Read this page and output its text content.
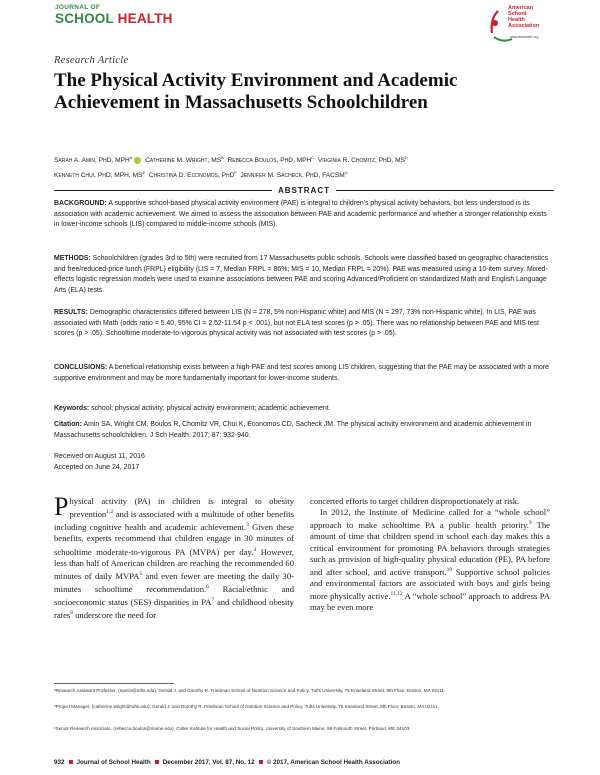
JOURNAL OF
SCHOOL HEALTH
American
School
Health
Association
www.ashaweb.org
Research Article
The Physical Activity Environment and Academic Achievement in Massachusetts Schoolchildren
Sarah A. Amin, PhD, MPH$^a$ Catherine M. Wright, $MS^b$ Rebecca Boulos, PhD, MPH$^c$ Virginia R. Chomitz, PhD, $MS^d$
Kenneth Chui, PhD, MPH, $MS^e$ Christina D. Economos, PhD$^f$ Jennifer M. Sacheck, PhD, FACSM$^g$
ABSTRACT
BACKGROUND: A supportive school-based physical activity environment (PAE) is integral to children's physical activity behaviors, but less understood is its association with academic achievement. We aimed to assess the association between PAE and academic performance and whether a stronger relationship exists in lower-income schools (LIS) compared to middle-income schools (MIS).
METHODS: Schoolchildren (grades 3rd to 5th) were recruited from 17 Massachusetts public schools. Schools were classified based on geographic characteristics and free/reduced-price lunch (FRPL) eligibility (LIS = 7, Median FRPL = 86%; MIS = 10, Median FRPL = 20%). PAE was measured using a 10-item survey. Mixed-effects logistic regression models were used to examine associations between PAE and scoring Advanced/Proficient on standardized Math and English Language Arts (ELA) tests.
RESULTS: Demographic characteristics differed between LIS (N = 278, 5% non-Hispanic white) and MIS (N = 297, 73% non-Hispanic white). In LIS, PAE was associated with Math (odds ratio = 5.40, 95% CI = 2.52-11.54 p < .001), but not ELA test scores (p > .05). There was no relationship between PAE and MIS test scores (p > .05). Schooltime moderate-to-vigorous physical activity was not associated with test scores (p > .05).
CONCLUSIONS: A beneficial relationship exists between a high-PAE and test scores among LIS children, suggesting that the PAE may be associated with a more supportive environment and may be more fundamentally important for lower-income students.
Keywords: school; physical activity; physical activity environment; academic achievement.
Citation: Amin SA, Wright CM, Boulos R, Chomitz VR, Chui K, Economos CD, Sacheck JM. The physical activity environment and academic achievement in Massachusetts schoolchildren. J Sch Health. 2017; 87: 932-940.
Received on August 11, 2016
Accepted on June 24, 2017
Physical activity (PA) in children is integral to obesity prevention$^{1,2}$ and is associated with a multitude of other benefits including cognitive health and academic achievement.$^3$ Given these benefits, experts recommend that children engage in 30 minutes of schooltime moderate-to-vigorous PA (MVPA) per day.$^4$ However, less than half of American children are reaching the recommended 60 minutes of daily MVPA$^5$ and even fewer are meeting the daily 30-minutes schooltime recommendation.$^6$ Racial/ethnic and socioeconomic status (SES) disparities in $PA^7$ and childhood obesity rates$^8$ underscore the need for

concerted efforts to target children disproportionately at risk.

In 2012, the Institute of Medicine called for a “whole school” approach to make schooltime PA a public health priority.$^9$ The amount of time that children spend in school each day makes this a critical environment for promoting PA behaviors through strategies such as provision of high-quality physical education (PE), PA before and after school, and active transport.$^{10}$ Supportive school policies and environmental factors are associated with boys and girls being more physically active.$^{11,12}$ A “whole school” approach to address PA may be even more

ᵃResearch Assistant Professor, (samin@tufts.edu), Gerald J. and Dorothy R. Friedman School of Nutrition Science and Policy, Tufts University, 75 Kneeland Street, 8th Floor, Boston, MA 02111.
ᵇProject Manager, (catherine.wright@tufts.edu), Gerald J. and Dorothy R. Friedman School of Nutrition Science and Policy, Tufts University, 75 Kneeland Street, 8th Floor, Boston, MA 02111.
ᶜSenior Research Associate, (rebecca.boulos@maine.edu), Cutler Institute for Health and Social Policy, University of Southern Maine, 96 Falmouth Street, Portland, ME 04103.
932 Journal of School Health December 2017, Vol. 87, No. 12 © 2017, American School Health Association
